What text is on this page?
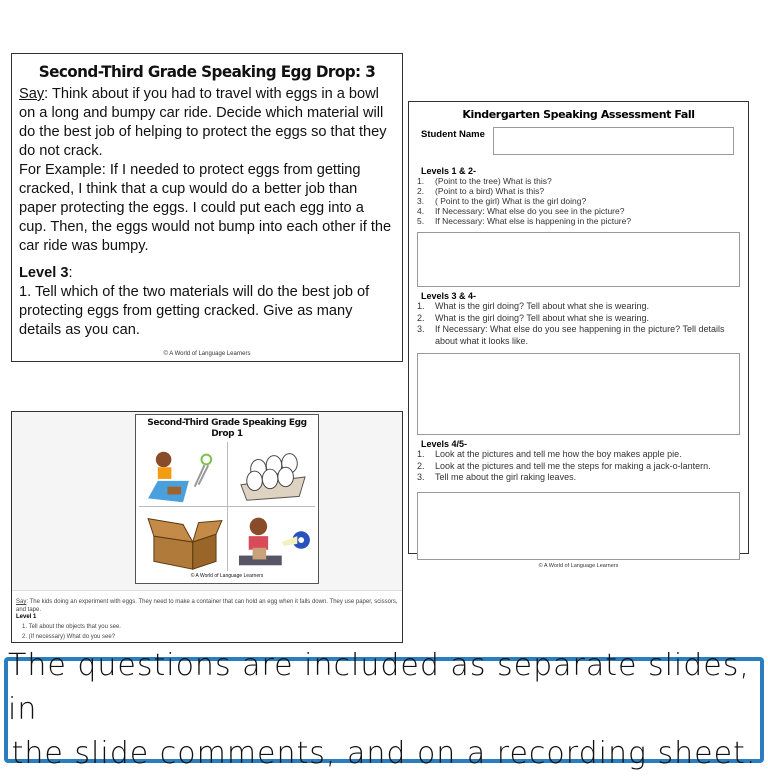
Second-Third Grade Speaking Egg Drop: 3

Say: Think about if you had to travel with eggs in a bowl on a long and bumpy car ride. Decide which material will do the best job of helping to protect the eggs so that they do not crack.

For Example: If I needed to protect eggs from getting cracked, I think that a cup would do a better job than paper protecting the eggs. I could put each egg into a cup. Then, the eggs would not bump into each other if the car ride was bumpy.

Level 3:

1. Tell which of the two materials will do the best job of protecting eggs from getting cracked. Give as many details as you can.

© A World of Language Learners
Kindergarten Speaking Assessment Fall
Student Name
Levels 1 & 2-
1.	(Point to the tree) What is this?
2.	(Point to a bird) What is this?
3.	( Point to the girl) What is the girl doing?
4.	If Necessary: What else do you see in the picture?
5.	If Necessary: What else is happening in the picture?
Levels 3 & 4-
1.	What is the girl doing? Tell about what she is wearing.
2.	What is the girl doing? Tell about what she is wearing.
3.	If Necessary: What else do you see happening in the picture? Tell details about what it looks like.
Levels 4/5-
1.	Look at the pictures and tell me how the boy makes apple pie.
2.	Look at the pictures and tell me the steps for making a jack-o-lantern.
3.	Tell me about the girl raking leaves.
© A World of Language Learners
Second-Third Grade Speaking Egg Drop 1
© A World of Language Learners
Say: The kids doing an experiment with eggs. They need to make a container that can hold an egg when it falls down. They use paper, scissors, and tape.
Level 1
1. Tell about the objects that you see.
2. (If necessary) What do you see?
The questions are included as separate slides, in
the slide comments, and on a recording sheet.
